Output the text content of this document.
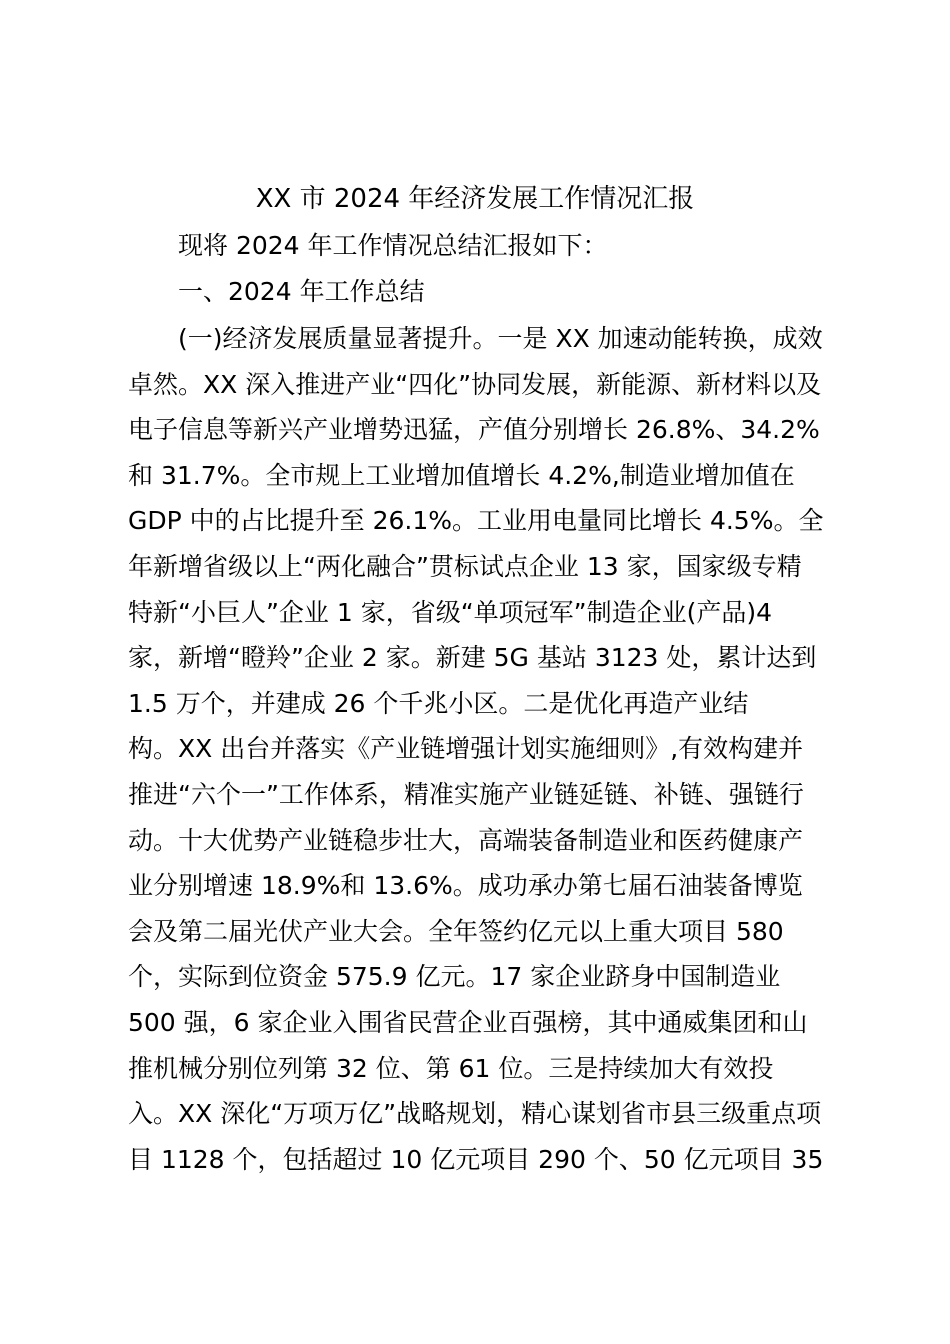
XX 市 2024 年经济发展工作情况汇报

现将 2024 年工作情况总结汇报如下：

一、2024 年工作总结

(一)经济发展质量显著提升。一是 XX 加速动能转换，成效
卓然。XX 深入推进产业“四化”协同发展，新能源、新材料以及
电子信息等新兴产业增势迅猛，产值分别增长 26.8%、34.2%
和 31.7%。全市规上工业增加值增长 4.2%,制造业增加值在
GDP 中的占比提升至 26.1%。工业用电量同比增长 4.5%。全
年新增省级以上“两化融合”贯标试点企业 13 家，国家级专精
特新“小巨人”企业 1 家，省级“单项冠军”制造企业(产品)4
家，新增“瞪羚”企业 2 家。新建 5G 基站 3123 处，累计达到
1.5 万个，并建成 26 个千兆小区。二是优化再造产业结
构。XX 出台并落实《产业链增强计划实施细则》,有效构建并
推进“六个一”工作体系，精准实施产业链延链、补链、强链行
动。十大优势产业链稳步壮大，高端装备制造业和医药健康产
业分别增速 18.9%和 13.6%。成功承办第七届石油装备博览
会及第二届光伏产业大会。全年签约亿元以上重大项目 580
个，实际到位资金 575.9 亿元。17 家企业跻身中国制造业
500 强，6 家企业入围省民营企业百强榜，其中通威集团和山
推机械分别位列第 32 位、第 61 位。三是持续加大有效投
入。XX 深化“万项万亿”战略规划，精心谋划省市县三级重点项
目 1128 个，包括超过 10 亿元项目 290 个、50 亿元项目 35
